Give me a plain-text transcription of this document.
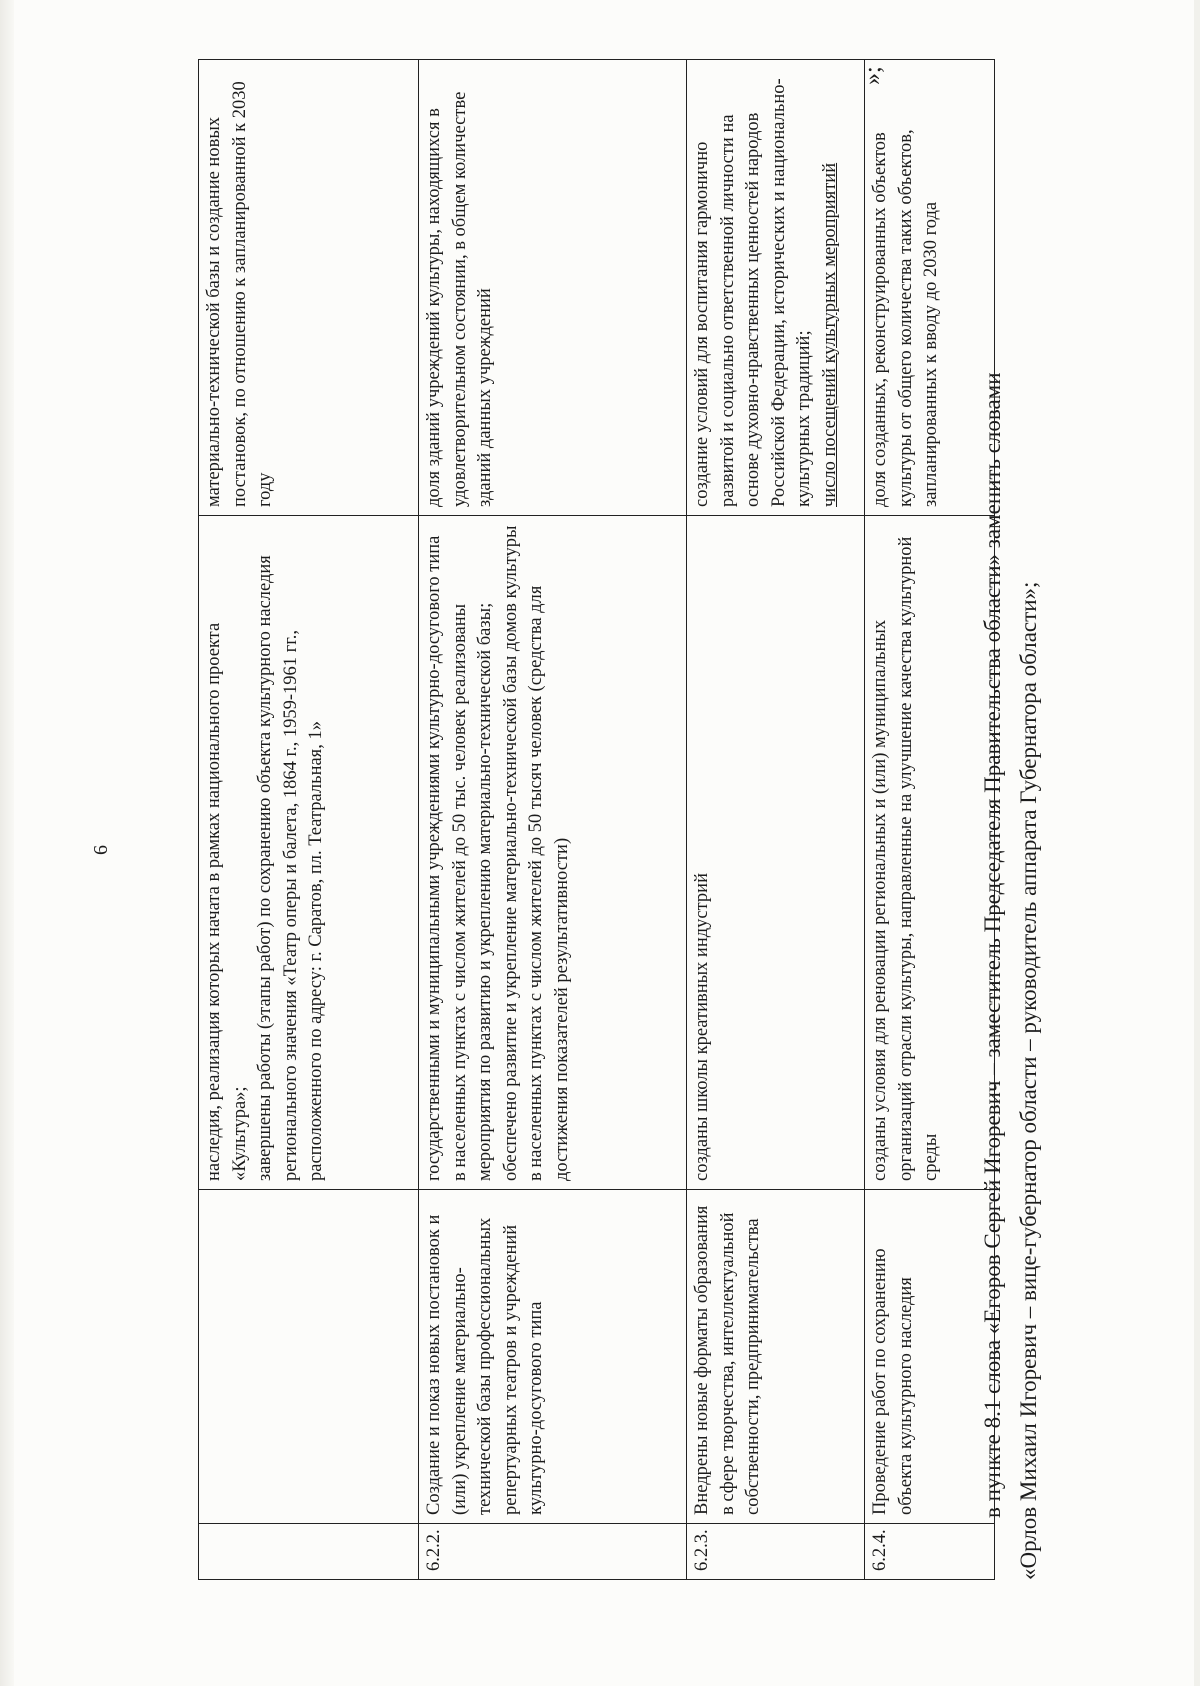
6

		наследия, реализация которых начата в рамках национального проекта «Культура»; завершены работы (этапы работ) по сохранению объекта культурного наследия регионального значения «Театр оперы и балета, 1864 г., 1959-1961 гг., расположенного по адресу: г. Саратов, пл. Театральная, 1»	материально-технической базы и создание новых постановок, по отношению к запланированной к 2030 году

6.2.2.	Создание и показ новых постановок и (или) укрепление материально-технической базы профессиональных репертуарных театров и учреждений культурно-досугового типа	государственными и муниципальными учреждениями культурно-досугового типа в населенных пунктах с числом жителей до 50 тыс. человек реализованы мероприятия по развитию и укреплению материально-технической базы; обеспечено развитие и укрепление материально-технической базы домов культуры в населенных пунктах с числом жителей до 50 тысяч человек (средства для достижения показателей результативности)	доля зданий учреждений культуры, находящихся в удовлетворительном состоянии, в общем количестве зданий данных учреждений

6.2.3.	Внедрены новые форматы образования в сфере творчества, интеллектуальной собственности, предпринимательства	созданы школы креативных индустрий	создание условий для воспитания гармонично развитой и социально ответственной личности на основе духовно-нравственных ценностей народов Российской Федерации, исторических и национально-культурных традиций; число посещений культурных мероприятий

6.2.4.	Проведение работ по сохранению объекта культурного наследия	созданы условия для реновации региональных и (или) муниципальных организаций отрасли культуры, направленные на улучшение качества культурной среды	доля созданных, реконструированных объектов культуры от общего количества таких объектов, запланированных к вводу до 2030 года

»;

в пункте 8.1 слова «Егоров Сергей Игоревич – заместитель Председателя Правительства области» заменить словами «Орлов Михаил Игоревич – вице-губернатор области – руководитель аппарата Губернатора области»;
